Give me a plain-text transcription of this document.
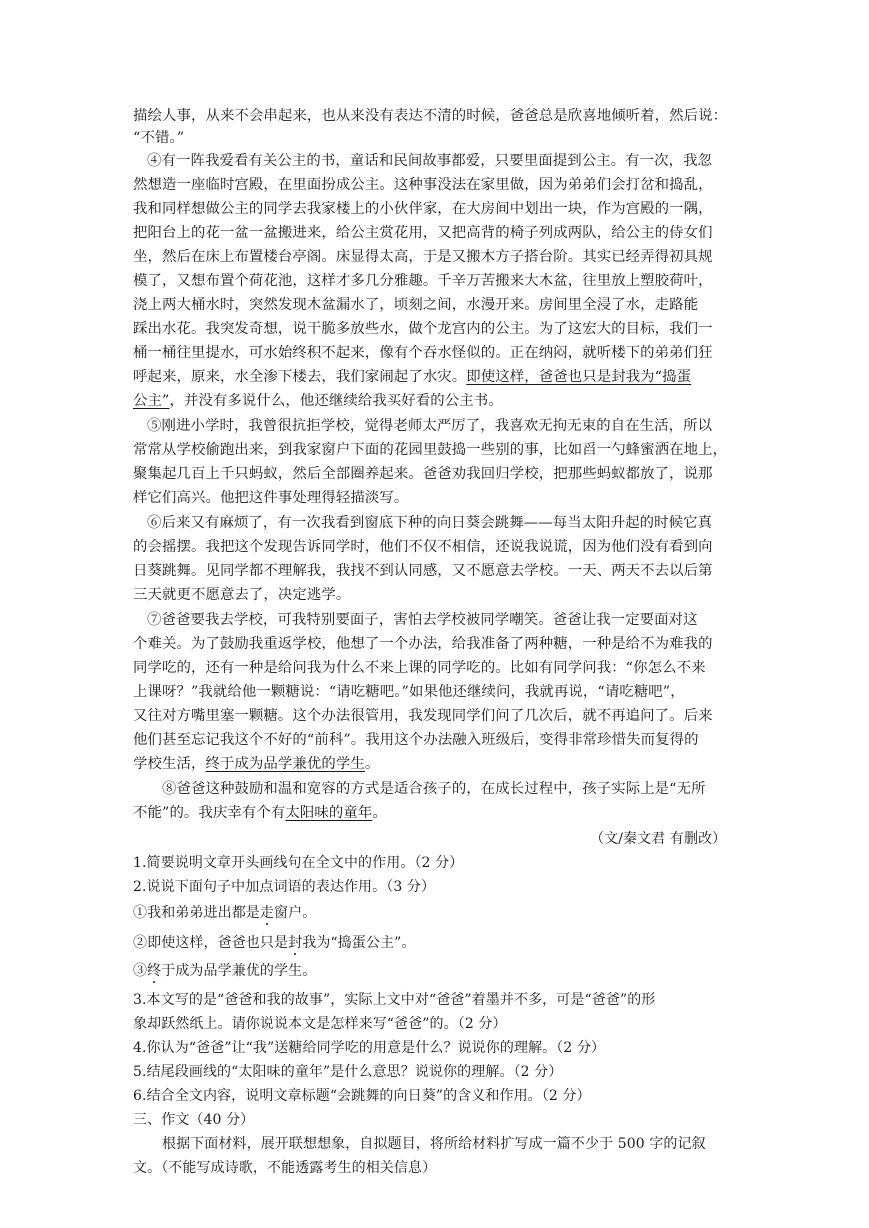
描绘人事，从来不会串起来，也从来没有表达不清的时候，爸爸总是欣喜地倾听着，然后说：
“不错。”
④有一阵我爱看有关公主的书，童话和民间故事都爱，只要里面提到公主。有一次，我忽
然想造一座临时宫殿，在里面扮成公主。这种事没法在家里做，因为弟弟们会打岔和捣乱，
我和同样想做公主的同学去我家楼上的小伙伴家，在大房间中划出一块，作为宫殿的一隅，
把阳台上的花一盆一盆搬进来，给公主赏花用，又把高背的椅子列成两队，给公主的侍女们
坐，然后在床上布置楼台亭阁。床显得太高，于是又搬木方子搭台阶。其实已经弄得初具规
模了，又想布置个荷花池，这样才多几分雅趣。千辛万苦搬来大木盆，往里放上塑胶荷叶，
浇上两大桶水时，突然发现木盆漏水了，顷刻之间，水漫开来。房间里全浸了水，走路能
踩出水花。我突发奇想，说干脆多放些水，做个龙宫内的公主。为了这宏大的目标，我们一
桶一桶往里提水，可水始终积不起来，像有个吞水怪似的。正在纳闷，就听楼下的弟弟们狂
呼起来，原来，水全渗下楼去，我们家闹起了水灾。即使这样，爸爸也只是封我为“捣蛋
公主”，并没有多说什么，他还继续给我买好看的公主书。
⑤刚进小学时，我曾很抗拒学校，觉得老师太严厉了，我喜欢无拘无束的自在生活，所以
常常从学校偷跑出来，到我家窗户下面的花园里鼓捣一些别的事，比如舀一勺蜂蜜洒在地上，
聚集起几百上千只蚂蚁，然后全部圈养起来。爸爸劝我回归学校，把那些蚂蚁都放了，说那
样它们高兴。他把这件事处理得轻描淡写。
⑥后来又有麻烦了，有一次我看到窗底下种的向日葵会跳舞——每当太阳升起的时候它真
的会摇摆。我把这个发现告诉同学时，他们不仅不相信，还说我说谎，因为他们没有看到向
日葵跳舞。见同学都不理解我，我找不到认同感，又不愿意去学校。一天、两天不去以后第
三天就更不愿意去了，决定逃学。
⑦爸爸要我去学校，可我特别要面子，害怕去学校被同学嘲笑。爸爸让我一定要面对这
个难关。为了鼓励我重返学校，他想了一个办法，给我准备了两种糖，一种是给不为难我的
同学吃的，还有一种是给问我为什么不来上课的同学吃的。比如有同学问我：“你怎么不来
上课呀？”我就给他一颗糖说：“请吃糖吧。”如果他还继续问，我就再说，“请吃糖吧”，
又往对方嘴里塞一颗糖。这个办法很管用，我发现同学们问了几次后，就不再追问了。后来
他们甚至忘记我这个不好的“前科”。我用这个办法融入班级后，变得非常珍惜失而复得的
学校生活，终于成为品学兼优的学生。
⑧爸爸这种鼓励和温和宽容的方式是适合孩子的，在成长过程中，孩子实际上是“无所
不能”的。我庆幸有个有太阳味的童年。
（文/秦文君 有删改）
1.简要说明文章开头画线句在全文中的作用。（2 分）
2.说说下面句子中加点词语的表达作用。（3 分）
①我和弟弟进出都是走窗户。
②即使这样，爸爸也只是封我为“捣蛋公主”。
③终于成为品学兼优的学生。
3.本文写的是“爸爸和我的故事”，实际上文中对“爸爸”着墨并不多，可是“爸爸”的形
象却跃然纸上。请你说说本文是怎样来写“爸爸”的。（2 分）
4.你认为“爸爸”让“我”送糖给同学吃的用意是什么？说说你的理解。（2 分）
5.结尾段画线的“太阳味的童年”是什么意思？说说你的理解。（2 分）
6.结合全文内容，说明文章标题“会跳舞的向日葵”的含义和作用。（2 分）
三、作文（40 分）
根据下面材料，展开联想想象，自拟题目，将所给材料扩写成一篇不少于 500 字的记叙
文。（不能写成诗歌，不能透露考生的相关信息）
